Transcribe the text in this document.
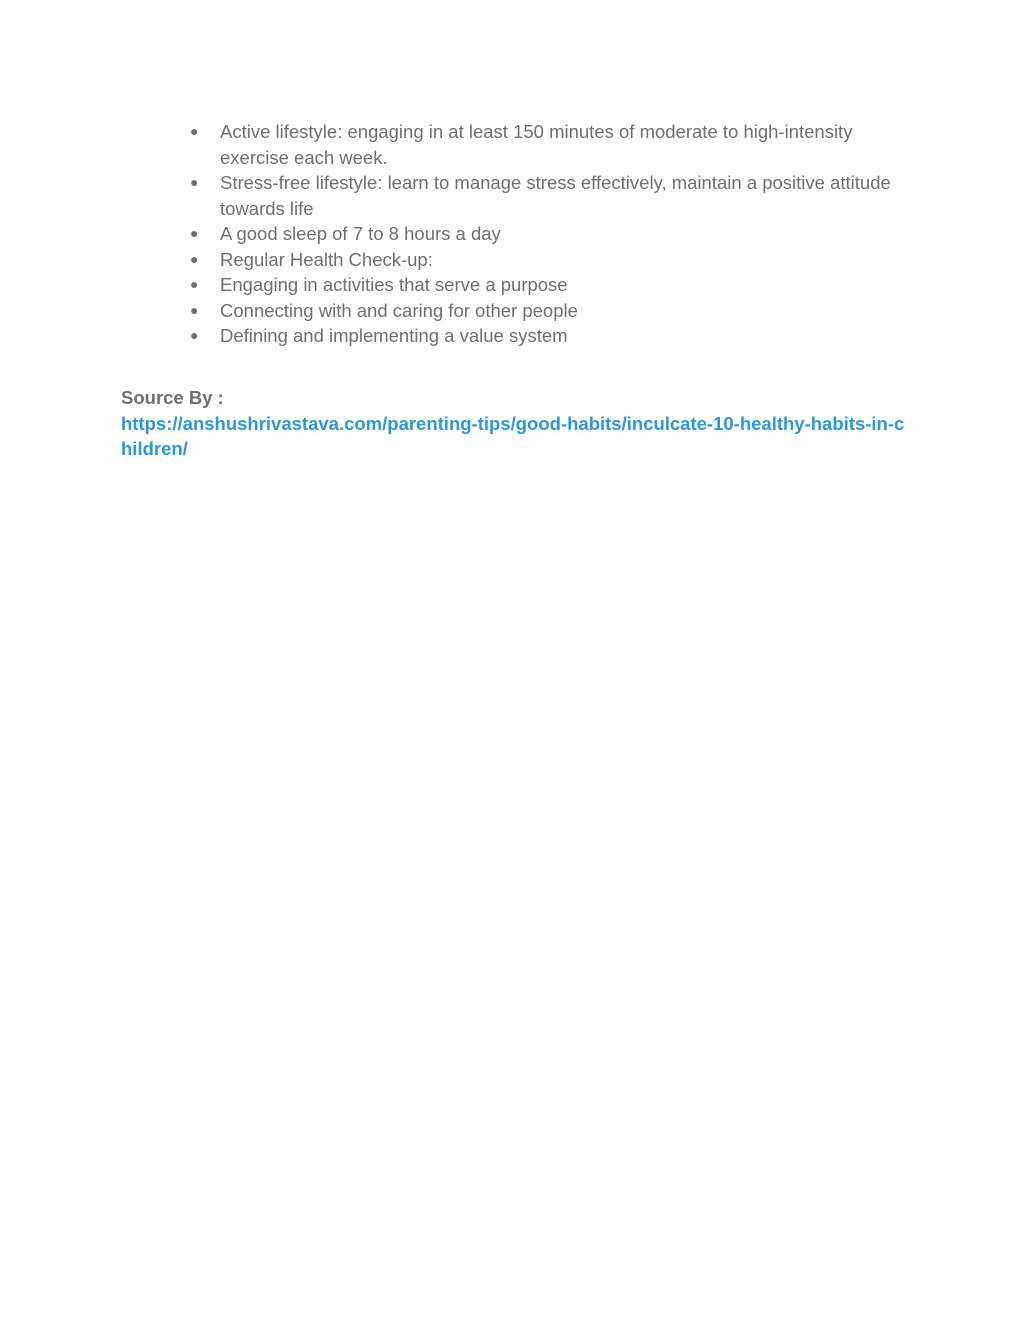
● Active lifestyle: engaging in at least 150 minutes of moderate to high-intensity exercise each week.
● Stress-free lifestyle: learn to manage stress effectively, maintain a positive attitude towards life
● A good sleep of 7 to 8 hours a day
● Regular Health Check-up:
● Engaging in activities that serve a purpose
● Connecting with and caring for other people
● Defining and implementing a value system
Source By :
https://anshushrivastava.com/parenting-tips/good-habits/inculcate-10-healthy-habits-in-children/
